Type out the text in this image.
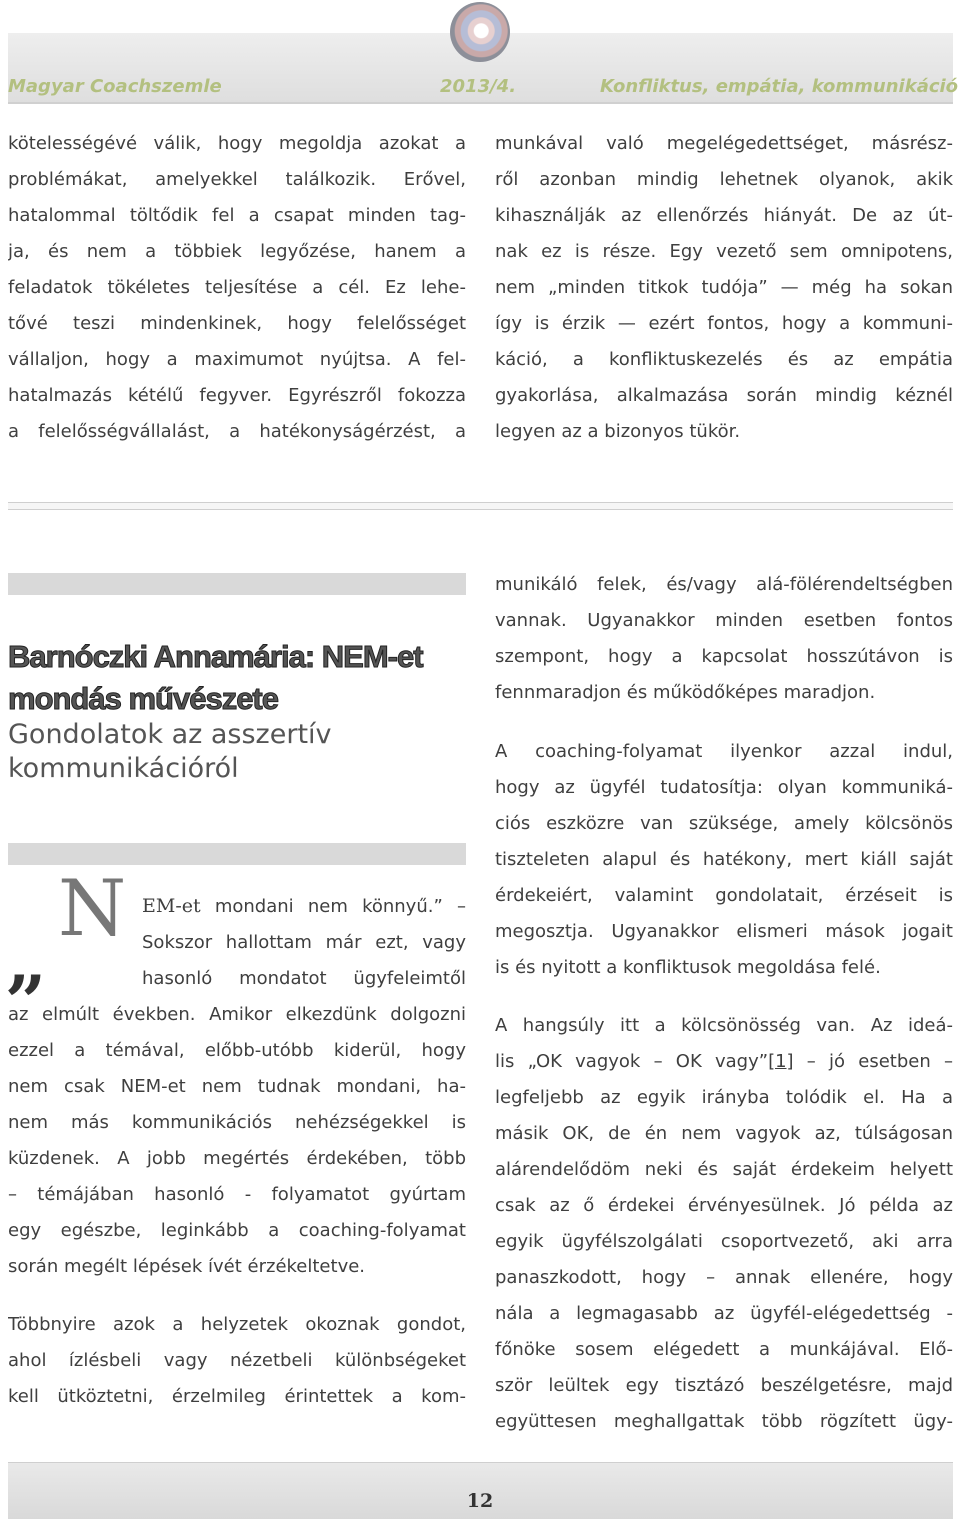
Magyar Coachszemle	2013/4.	Konfliktus, empátia, kommunikáció

kötelességévé válik, hogy megoldja azokat a

problémákat, amelyekkel találkozik. Erővel,

hatalommal töltődik fel a csapat minden tag-

ja, és nem a többiek legyőzése, hanem a

feladatok tökéletes teljesítése a cél. Ez lehe-

tővé teszi mindenkinek, hogy felelősséget

vállaljon, hogy a maximumot nyújtsa. A fel-

hatalmazás kétélű fegyver. Egyrészről fokozza

a felelősségvállalást, a hatékonyságérzést, a

munkával való megelégedettséget, másrész-

ről azonban mindig lehetnek olyanok, akik

kihasználják az ellenőrzés hiányát. De az út-

nak ez is része. Egy vezető sem omnipotens,

nem „minden titkok tudója” — még ha sokan

így is érzik — ezért fontos, hogy a kommuni-

káció, a konfliktuskezelés és az empátia

gyakorlása, alkalmazása során mindig kéznél

legyen az a bizonyos tükör.

Barnóczki Annamária: NEM-et
mondás művészete
Gondolatok az asszertív
kommunikációról
„
N EM-et mondani nem könnyű.” –

Sokszor hallottam már ezt, vagy

hasonló mondatot ügyfeleimtől

az elmúlt években. Amikor elkezdünk dolgozni

ezzel a témával, előbb-utóbb kiderül, hogy

nem csak NEM-et nem tudnak mondani, ha-

nem más kommunikációs nehézségekkel is

küzdenek. A jobb megértés érdekében, több

– témájában hasonló - folyamatot gyúrtam

egy egészbe, leginkább a coaching-folyamat

során megélt lépések ívét érzékeltetve.

Többnyire azok a helyzetek okoznak gondot,

ahol ízlésbeli vagy nézetbeli különbségeket

kell ütköztetni, érzelmileg érintettek a kom-

munikáló felek, és/vagy alá-fölérendeltségben

vannak. Ugyanakkor minden esetben fontos

szempont, hogy a kapcsolat hosszútávon is

fennmaradjon és működőképes maradjon.

A coaching-folyamat ilyenkor azzal indul,

hogy az ügyfél tudatosítja: olyan kommuniká-

ciós eszközre van szüksége, amely kölcsönös

tiszteleten alapul és hatékony, mert kiáll saját

érdekeiért, valamint gondolatait, érzéseit is

megosztja. Ugyanakkor elismeri mások jogait

is és nyitott a konfliktusok megoldása felé.

A hangsúly itt a kölcsönösség van. Az ideá-

lis „OK vagyok – OK vagy”[1] – jó esetben –

legfeljebb az egyik irányba tolódik el. Ha a

másik OK, de én nem vagyok az, túlságosan

alárendelődöm neki és saját érdekeim helyett

csak az ő érdekei érvényesülnek. Jó példa az

egyik ügyfélszolgálati csoportvezető, aki arra

panaszkodott, hogy – annak ellenére, hogy

nála a legmagasabb az ügyfél-elégedettség -

főnöke sosem elégedett a munkájával. Elő-

ször leültek egy tisztázó beszélgetésre, majd

együttesen meghallgattak több rögzített ügy-

12
